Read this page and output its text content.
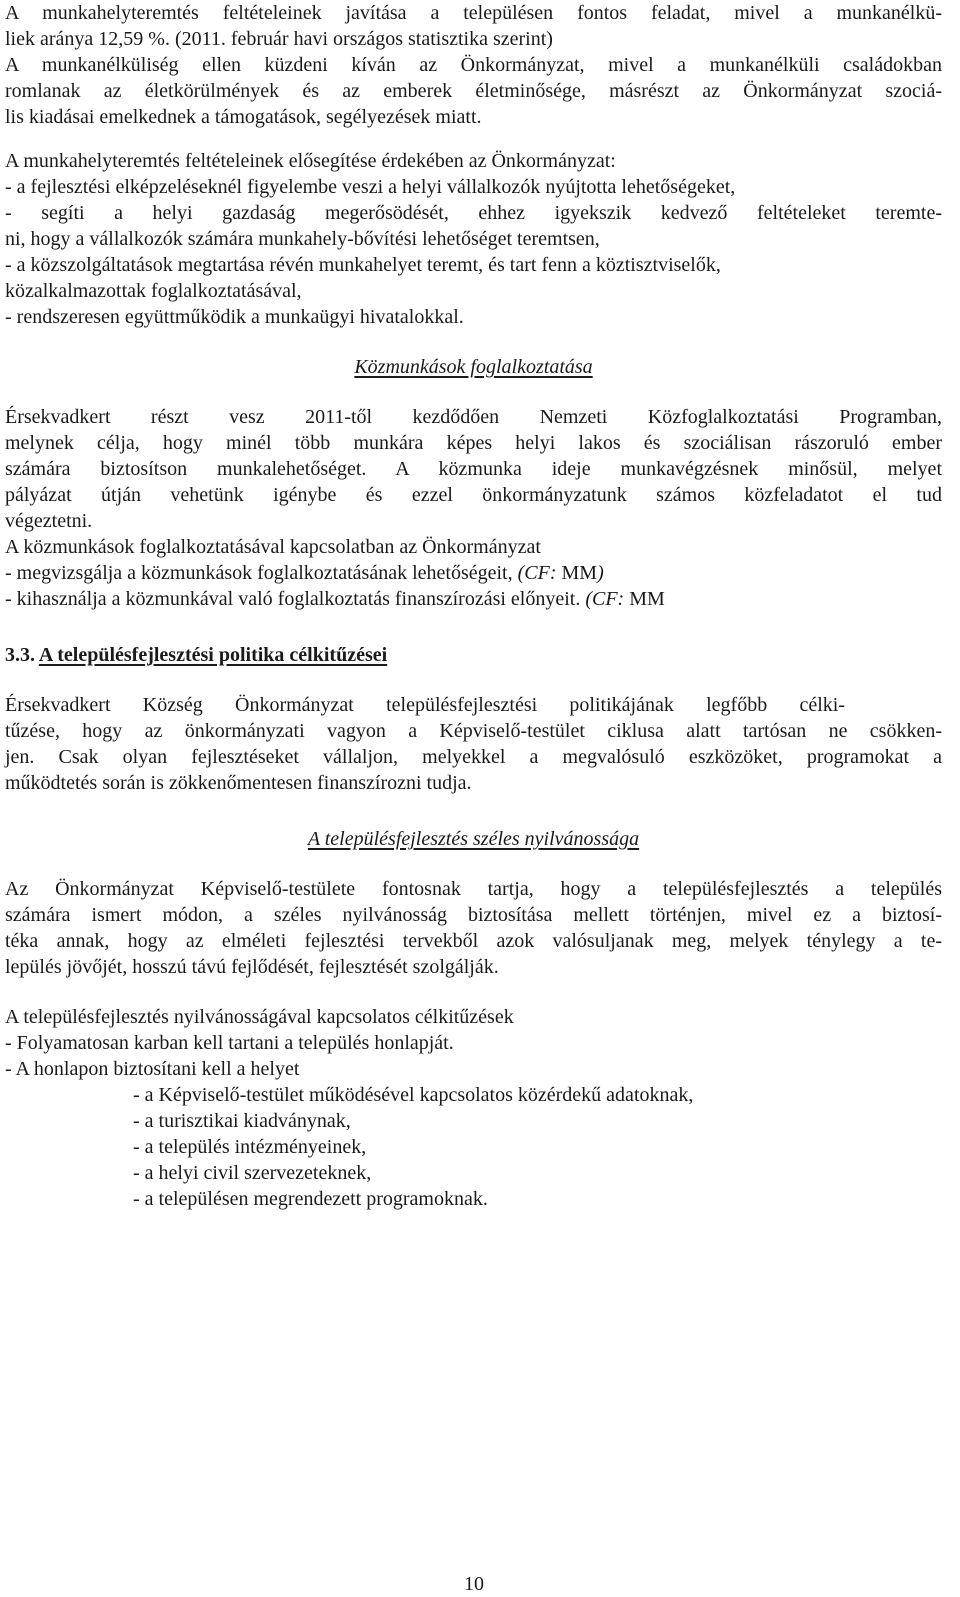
A munkahelyteremtés feltételeinek javítása a településen fontos feladat, mivel a munkanélkü-
liek aránya 12,59 %. (2011. február havi országos statisztika szerint)
A munkanélküliség ellen küzdeni kíván az Önkormányzat, mivel a munkanélküli családokban
romlanak az életkörülmények és az emberek életminősége, másrészt az Önkormányzat szociá-
lis kiadásai emelkednek a támogatások, segélyezések miatt.
A munkahelyteremtés feltételeinek elősegítése érdekében az Önkormányzat:
- a fejlesztési elképzeléseknél figyelembe veszi a helyi vállalkozók nyújtotta lehetőségeket,
- segíti a helyi gazdaság megerősödését, ehhez igyekszik kedvező feltételeket teremte-
ni, hogy a vállalkozók számára munkahely-bővítési lehetőséget teremtsen,
- a közszolgáltatások megtartása révén munkahelyet teremt, és tart fenn a köztisztviselők,
közalkalmazottak foglalkoztatásával,
- rendszeresen együttműködik a munkaügyi hivatalokkal.
Közmunkások foglalkoztatása
Érsekvadkert részt vesz 2011-től kezdődően Nemzeti Közfoglalkoztatási Programban,
melynek célja, hogy minél több munkára képes helyi lakos és szociálisan rászoruló ember
számára biztosítson munkalehetőséget. A közmunka ideje munkavégzésnek minősül, melyet
pályázat útján vehetünk igénybe és ezzel önkormányzatunk számos közfeladatot el tud
végeztetni.
A közmunkások foglalkoztatásával kapcsolatban az Önkormányzat
- megvizsgálja a közmunkások foglalkoztatásának lehetőségeit, (CF: MM)
- kihasználja a közmunkával való foglalkoztatás finanszírozási előnyeit. (CF: MM
3.3. A településfejlesztési politika célkitűzései
Érsekvadkert Község Önkormányzat településfejlesztési politikájának legfőbb célki-
tűzése, hogy az önkormányzati vagyon a Képviselő-testület ciklusa alatt tartósan ne csökken-
jen. Csak olyan fejlesztéseket vállaljon, melyekkel a megvalósuló eszközöket, programokat a
működtetés során is zökkenőmentesen finanszírozni tudja.
A településfejlesztés széles nyilvánossága
Az Önkormányzat Képviselő-testülete fontosnak tartja, hogy a településfejlesztés a település
számára ismert módon, a széles nyilvánosság biztosítása mellett történjen, mivel ez a biztosí-
téka annak, hogy az elméleti fejlesztési tervekből azok valósuljanak meg, melyek ténylegy a te-
lepülés jövőjét, hosszú távú fejlődését, fejlesztését szolgálják.
A településfejlesztés nyilvánosságával kapcsolatos célkitűzések
- Folyamatosan karban kell tartani a település honlapját.
- A honlapon biztosítani kell a helyet
- a Képviselő-testület működésével kapcsolatos közérdekű adatoknak,
- a turisztikai kiadványnak,
- a település intézményeinek,
- a helyi civil szervezeteknek,
- a településen megrendezett programoknak.
10
